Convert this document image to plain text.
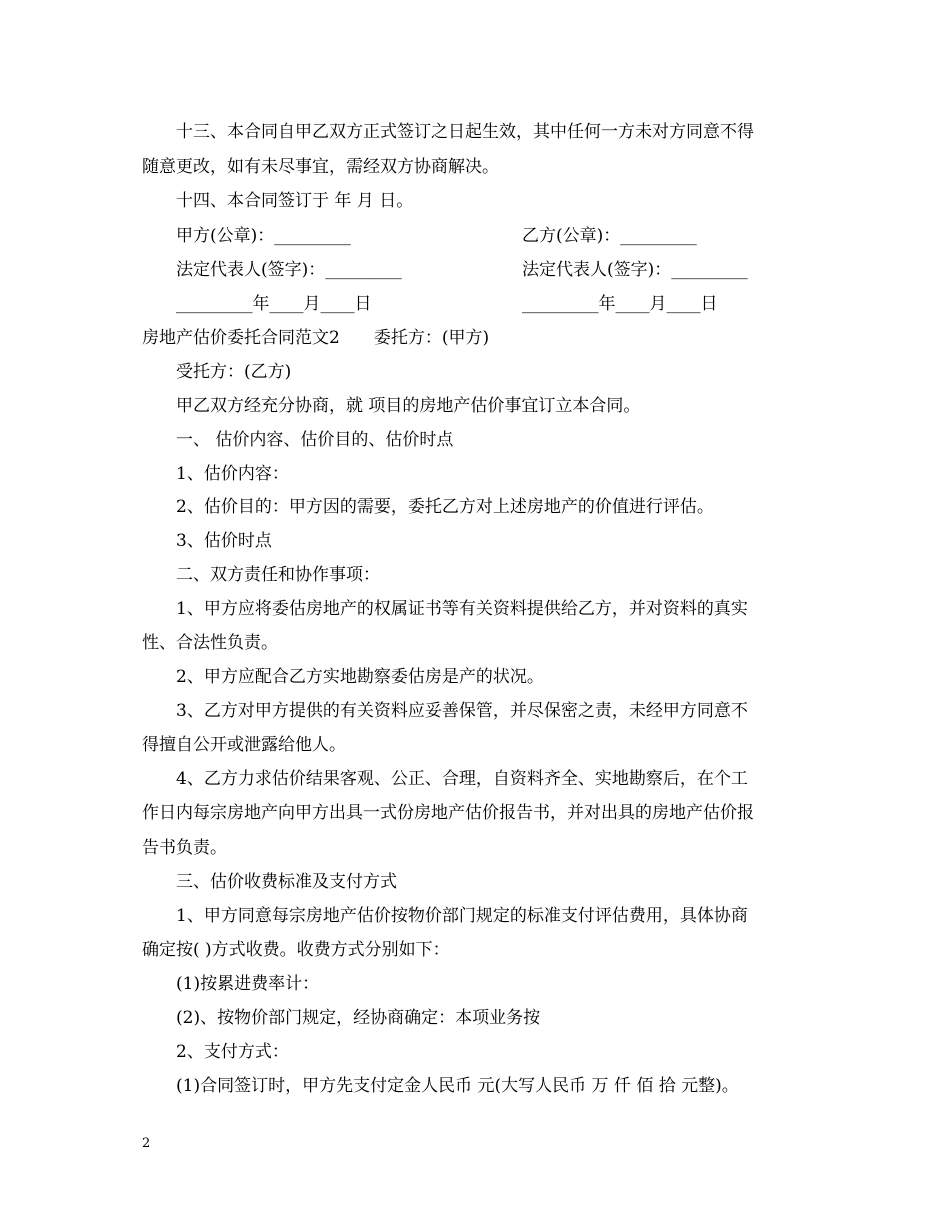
十三、本合同自甲乙双方正式签订之日起生效，其中任何一方未对方同意不得
随意更改，如有未尽事宜，需经双方协商解决。
十四、本合同签订于 年 月 日。
甲方(公章)：_________	乙方(公章)：_________
法定代表人(签字)：_________	法定代表人(签字)：_________
_________年____月____日	_________年____月____日
房地产估价委托合同范文2　　委托方：(甲方)
受托方：(乙方)
甲乙双方经充分协商，就 项目的房地产估价事宜订立本合同。
一、 估价内容、估价目的、估价时点
1、估价内容：
2、估价目的：甲方因的需要，委托乙方对上述房地产的价值进行评估。
3、估价时点
二、双方责任和协作事项：
1、甲方应将委估房地产的权属证书等有关资料提供给乙方，并对资料的真实
性、合法性负责。
2、甲方应配合乙方实地勘察委估房是产的状况。
3、乙方对甲方提供的有关资料应妥善保管，并尽保密之责，未经甲方同意不
得擅自公开或泄露给他人。
4、乙方力求估价结果客观、公正、合理，自资料齐全、实地勘察后，在个工
作日内每宗房地产向甲方出具一式份房地产估价报告书，并对出具的房地产估价报
告书负责。
三、估价收费标准及支付方式
1、甲方同意每宗房地产估价按物价部门规定的标准支付评估费用，具体协商
确定按( )方式收费。收费方式分别如下：
(1)按累进费率计：
(2)、按物价部门规定，经协商确定：本项业务按
2、支付方式：
(1)合同签订时，甲方先支付定金人民币 元(大写人民币 万 仟 佰 拾 元整)。
2
